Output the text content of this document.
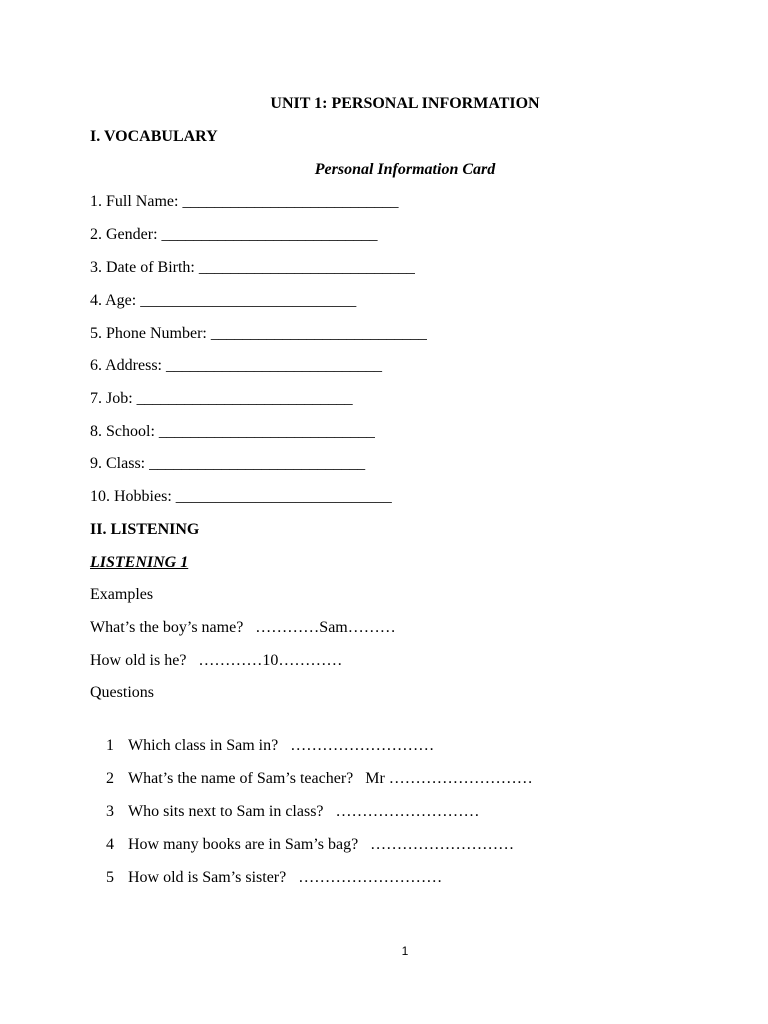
UNIT 1: PERSONAL INFORMATION
I. VOCABULARY
Personal Information Card
1. Full Name: ___________________________
2. Gender: ___________________________
3. Date of Birth: ___________________________
4. Age: ___________________________
5. Phone Number: ___________________________
6. Address: ___________________________
7. Job: ___________________________
8. School: ___________________________
9. Class: ___________________________
10. Hobbies: ___________________________
II. LISTENING
LISTENING 1
Examples
What’s the boy’s name?   …………Sam………
How old is he?   …………10…………
Questions

1 Which class in Sam in?   ………………………

2 What’s the name of Sam’s teacher?   Mr ………………………

3 Who sits next to Sam in class?   ………………………

4 How many books are in Sam’s bag?   ………………………

5 How old is Sam’s sister?   ………………………

1
